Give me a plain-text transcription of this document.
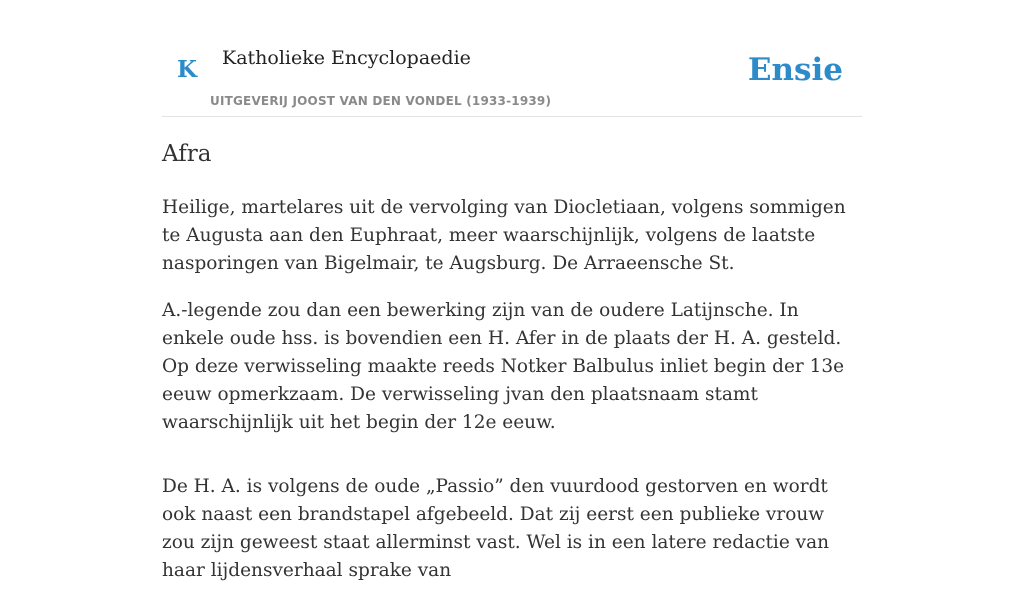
K Katholieke Encyclopaedie
UITGEVERIJ JOOST VAN DEN VONDEL (1933-1939)
Ensie
Afra

Heilige, martelares uit de vervolging van Diocletiaan, volgens sommigen te Augusta aan den Euphraat, meer waarschijnlijk, volgens de laatste nasporingen van Bigelmair, te Augsburg. De Arraeensche St.

A.-legende zou dan een bewerking zijn van de oudere Latijnsche. In enkele oude hss. is bovendien een H. Afer in de plaats der H. A. gesteld. Op deze verwisseling maakte reeds Notker Balbulus inliet begin der 13e eeuw opmerkzaam. De verwisseling jvan den plaatsnaam stamt waarschijnlijk uit het begin der 12e eeuw.

De H. A. is volgens de oude „Passio” den vuurdood gestorven en wordt ook naast een brandstapel afgebeeld. Dat zij eerst een publieke vrouw zou zijn geweest staat allerminst vast. Wel is in een latere redactie van haar lijdensverhaal sprake van
